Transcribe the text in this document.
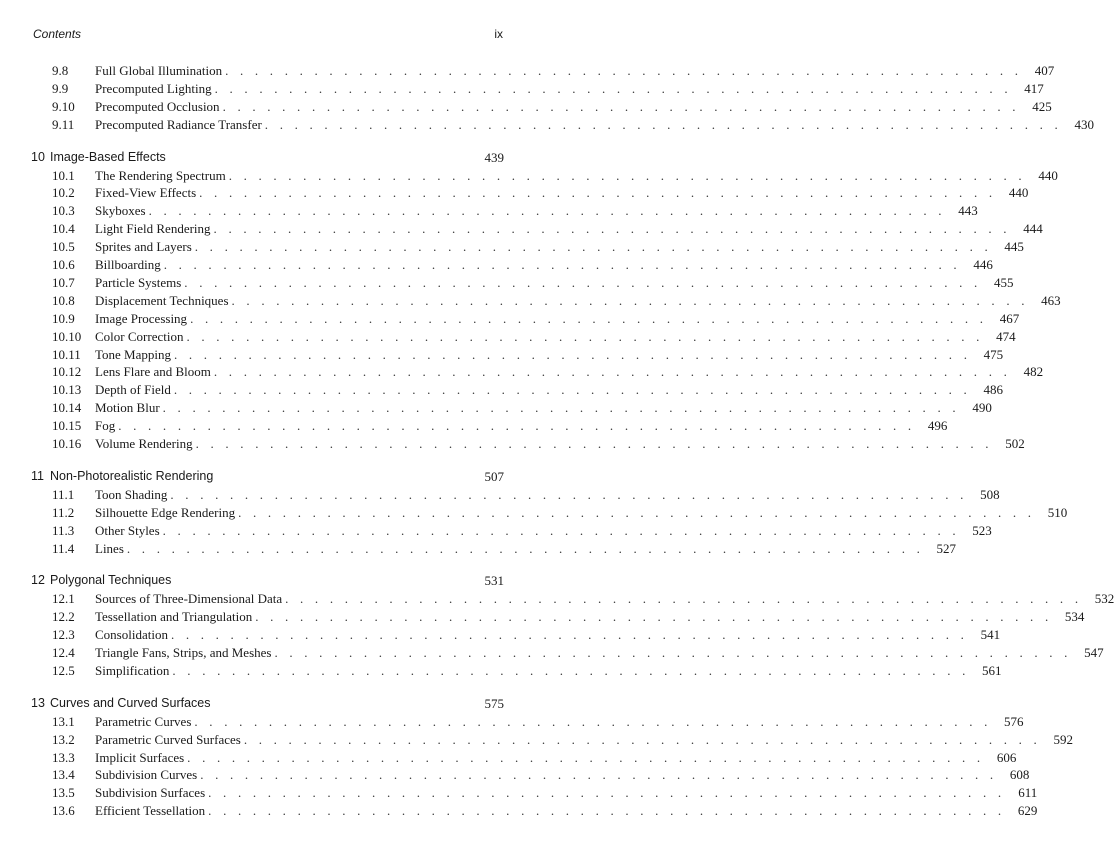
Contents	ix
9.8 Full Global Illumination . . . . . . . . . . . . . . . . . . . . . . . . . . . . . . . . . . . . . . . . . . . . . . . . . . . . . . 407
9.9 Precomputed Lighting . . . . . . . . . . . . . . . . . . . . . . . . . . . . . . . . . . . . . . . . . . . . . . . . . . . . . . 417
9.10 Precomputed Occlusion . . . . . . . . . . . . . . . . . . . . . . . . . . . . . . . . . . . . . . . . . . . . . . . . . . . . . . 425
9.11 Precomputed Radiance Transfer . . . . . . . . . . . . . . . . . . . . . . . . . . . . . . . . . . . . . . . . . . . . . . . . . . . . . . 430
10 Image-Based Effects	439
10.1 The Rendering Spectrum . . . . . . . . . . . . . . . . . . . . . . . . . . . . . . . . . . . . . . . . . . . . . . . . . . . . . . 440
10.2 Fixed-View Effects . . . . . . . . . . . . . . . . . . . . . . . . . . . . . . . . . . . . . . . . . . . . . . . . . . . . . . 440
10.3 Skyboxes . . . . . . . . . . . . . . . . . . . . . . . . . . . . . . . . . . . . . . . . . . . . . . . . . . . . . . 443
10.4 Light Field Rendering . . . . . . . . . . . . . . . . . . . . . . . . . . . . . . . . . . . . . . . . . . . . . . . . . . . . . . 444
10.5 Sprites and Layers . . . . . . . . . . . . . . . . . . . . . . . . . . . . . . . . . . . . . . . . . . . . . . . . . . . . . . 445
10.6 Billboarding . . . . . . . . . . . . . . . . . . . . . . . . . . . . . . . . . . . . . . . . . . . . . . . . . . . . . . 446
10.7 Particle Systems . . . . . . . . . . . . . . . . . . . . . . . . . . . . . . . . . . . . . . . . . . . . . . . . . . . . . . 455
10.8 Displacement Techniques . . . . . . . . . . . . . . . . . . . . . . . . . . . . . . . . . . . . . . . . . . . . . . . . . . . . . . 463
10.9 Image Processing . . . . . . . . . . . . . . . . . . . . . . . . . . . . . . . . . . . . . . . . . . . . . . . . . . . . . . 467
10.10 Color Correction . . . . . . . . . . . . . . . . . . . . . . . . . . . . . . . . . . . . . . . . . . . . . . . . . . . . . . 474
10.11 Tone Mapping . . . . . . . . . . . . . . . . . . . . . . . . . . . . . . . . . . . . . . . . . . . . . . . . . . . . . . 475
10.12 Lens Flare and Bloom . . . . . . . . . . . . . . . . . . . . . . . . . . . . . . . . . . . . . . . . . . . . . . . . . . . . . . 482
10.13 Depth of Field . . . . . . . . . . . . . . . . . . . . . . . . . . . . . . . . . . . . . . . . . . . . . . . . . . . . . . 486
10.14 Motion Blur . . . . . . . . . . . . . . . . . . . . . . . . . . . . . . . . . . . . . . . . . . . . . . . . . . . . . . 490
10.15 Fog . . . . . . . . . . . . . . . . . . . . . . . . . . . . . . . . . . . . . . . . . . . . . . . . . . . . . . 496
10.16 Volume Rendering . . . . . . . . . . . . . . . . . . . . . . . . . . . . . . . . . . . . . . . . . . . . . . . . . . . . . . 502
11 Non-Photorealistic Rendering	507
11.1 Toon Shading . . . . . . . . . . . . . . . . . . . . . . . . . . . . . . . . . . . . . . . . . . . . . . . . . . . . . . 508
11.2 Silhouette Edge Rendering . . . . . . . . . . . . . . . . . . . . . . . . . . . . . . . . . . . . . . . . . . . . . . . . . . . . . . 510
11.3 Other Styles . . . . . . . . . . . . . . . . . . . . . . . . . . . . . . . . . . . . . . . . . . . . . . . . . . . . . . 523
11.4 Lines . . . . . . . . . . . . . . . . . . . . . . . . . . . . . . . . . . . . . . . . . . . . . . . . . . . . . . 527
12 Polygonal Techniques	531
12.1 Sources of Three-Dimensional Data . . . . . . . . . . . . . . . . . . . . . . . . . . . . . . . . . . . . . . . . . . . . . . . . . . . . . . 532
12.2 Tessellation and Triangulation . . . . . . . . . . . . . . . . . . . . . . . . . . . . . . . . . . . . . . . . . . . . . . . . . . . . . . 534
12.3 Consolidation . . . . . . . . . . . . . . . . . . . . . . . . . . . . . . . . . . . . . . . . . . . . . . . . . . . . . . 541
12.4 Triangle Fans, Strips, and Meshes . . . . . . . . . . . . . . . . . . . . . . . . . . . . . . . . . . . . . . . . . . . . . . . . . . . . . . 547
12.5 Simplification . . . . . . . . . . . . . . . . . . . . . . . . . . . . . . . . . . . . . . . . . . . . . . . . . . . . . . 561
13 Curves and Curved Surfaces	575
13.1 Parametric Curves . . . . . . . . . . . . . . . . . . . . . . . . . . . . . . . . . . . . . . . . . . . . . . . . . . . . . . 576
13.2 Parametric Curved Surfaces . . . . . . . . . . . . . . . . . . . . . . . . . . . . . . . . . . . . . . . . . . . . . . . . . . . . . . 592
13.3 Implicit Surfaces . . . . . . . . . . . . . . . . . . . . . . . . . . . . . . . . . . . . . . . . . . . . . . . . . . . . . . 606
13.4 Subdivision Curves . . . . . . . . . . . . . . . . . . . . . . . . . . . . . . . . . . . . . . . . . . . . . . . . . . . . . . 608
13.5 Subdivision Surfaces . . . . . . . . . . . . . . . . . . . . . . . . . . . . . . . . . . . . . . . . . . . . . . . . . . . . . . 611
13.6 Efficient Tessellation . . . . . . . . . . . . . . . . . . . . . . . . . . . . . . . . . . . . . . . . . . . . . . . . . . . . . . 629
